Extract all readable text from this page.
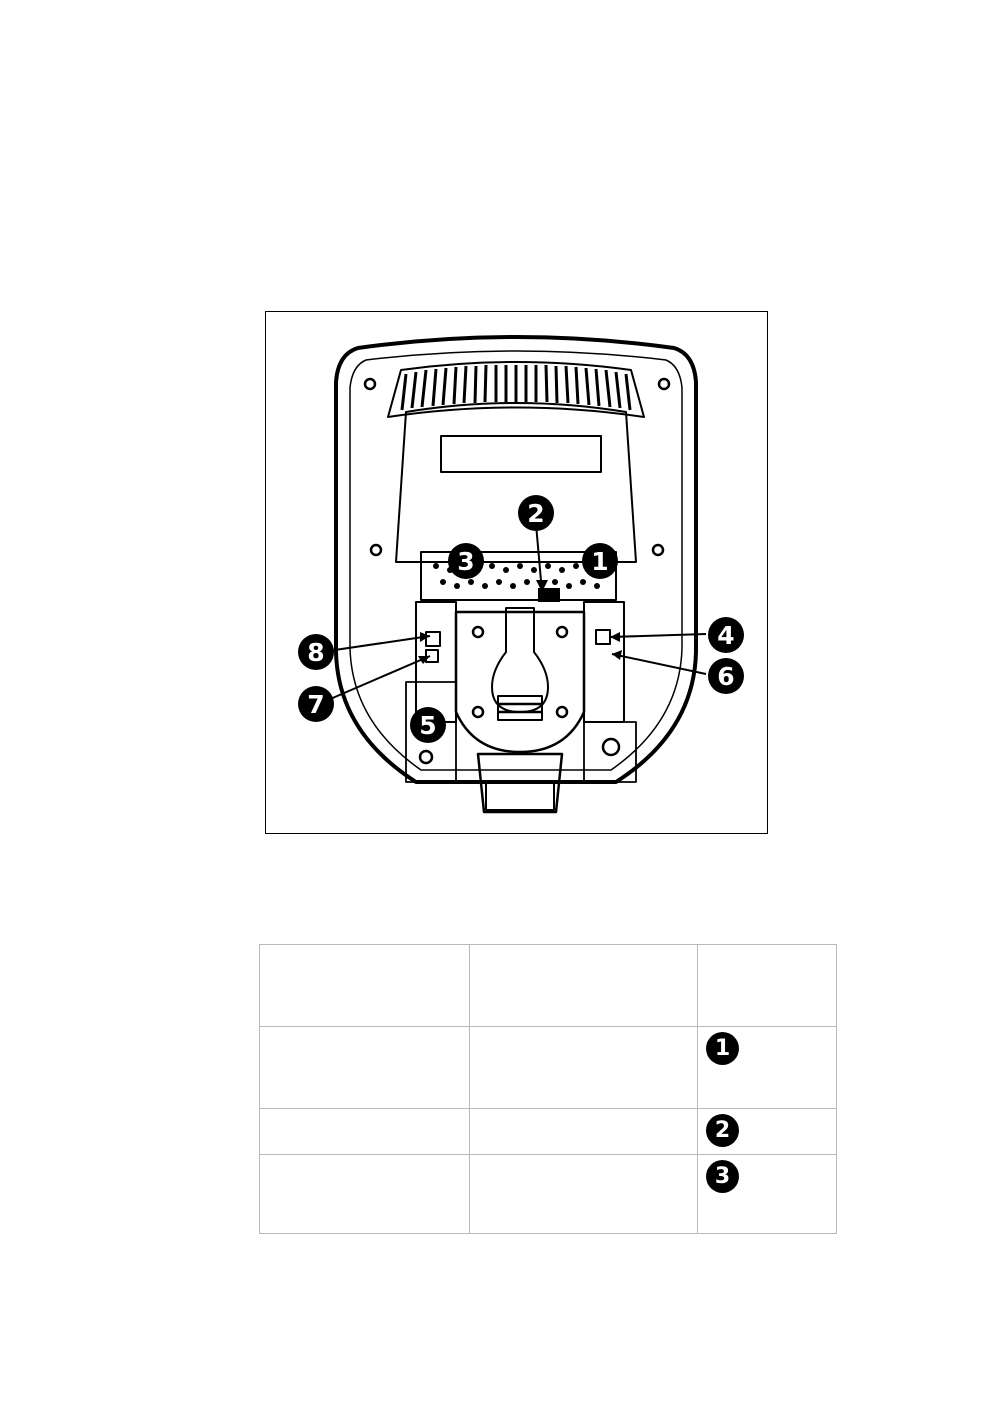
1
2
3
4
5
6
7
8

		1
		2
		3
